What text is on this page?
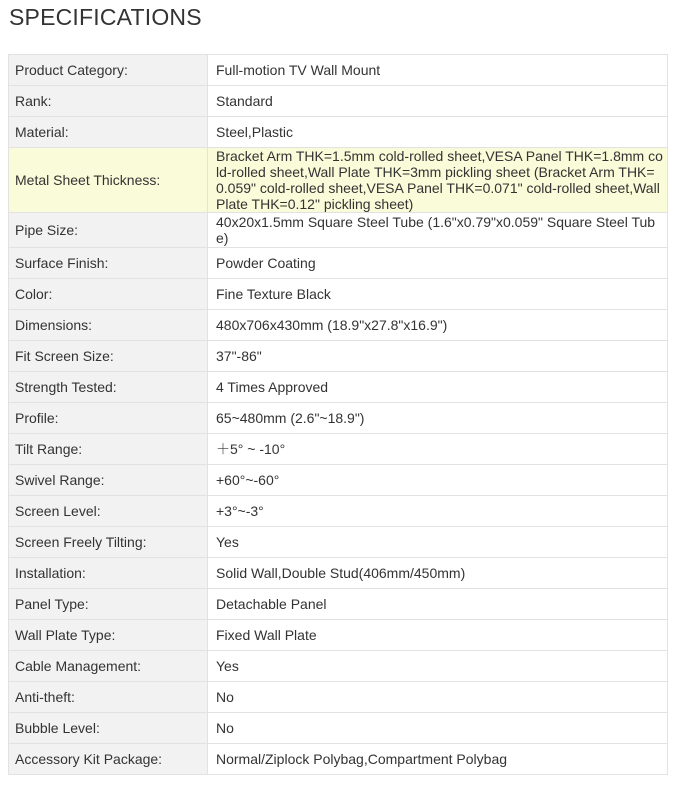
SPECIFICATIONS
Product Category:	Full-motion TV Wall Mount
Rank:	Standard
Material:	Steel,Plastic
Metal Sheet Thickness:	Bracket Arm THK=1.5mm cold-rolled sheet,VESA Panel THK=1.8mm cold-rolled sheet,Wall Plate THK=3mm pickling sheet (Bracket Arm THK=0.059" cold-rolled sheet,VESA Panel THK=0.071" cold-rolled sheet,Wall Plate THK=0.12" pickling sheet)
Pipe Size:	40x20x1.5mm Square Steel Tube (1.6"x0.79"x0.059" Square Steel Tube)
Surface Finish:	Powder Coating
Color:	Fine Texture Black
Dimensions:	480x706x430mm (18.9"x27.8"x16.9")
Fit Screen Size:	37"-86"
Strength Tested:	4 Times Approved
Profile:	65~480mm (2.6"~18.9")
Tilt Range:	＋5° ~ -10°
Swivel Range:	+60°~-60°
Screen Level:	+3°~-3°
Screen Freely Tilting:	Yes
Installation:	Solid Wall,Double Stud(406mm/450mm)
Panel Type:	Detachable Panel
Wall Plate Type:	Fixed Wall Plate
Cable Management:	Yes
Anti-theft:	No
Bubble Level:	No
Accessory Kit Package:	Normal/Ziplock Polybag,Compartment Polybag
